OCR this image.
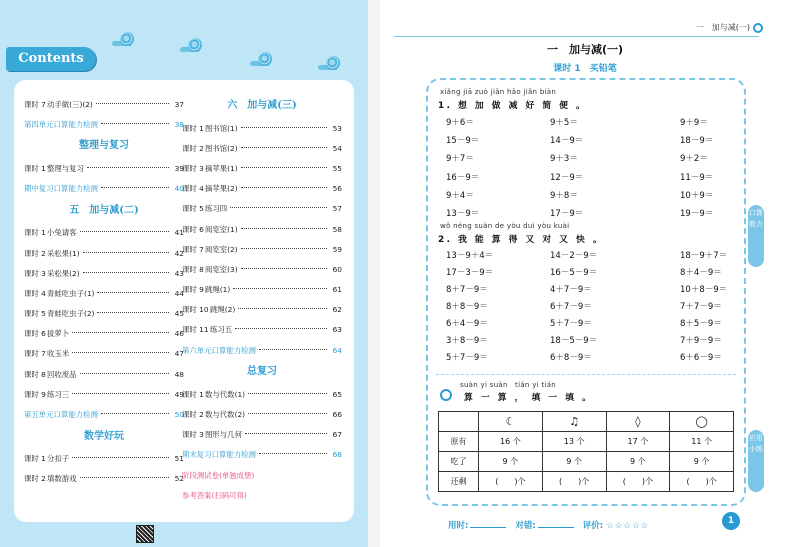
Contents
课时 7 动手做(三)(2)	37
第四单元口算能力检测	38
整理与复习
课时 1 整理与复习	39
期中复习口算能力检测	40
五　加与减(二)
课时 1 小兔请客	41
课时 2 采松果(1)	42
课时 3 采松果(2)	43
课时 4 青蛙吃虫子(1)	44
课时 5 青蛙吃虫子(2)	45
课时 6 拔萝卜	46
课时 7 收玉米	47
课时 8 回收废品	48
课时 9 练习三	49
第五单元口算能力检测	50
数学好玩
课时 1 分扣子	51
课时 2 填数游戏	52
六　加与减(三)
课时 1 图书馆(1)	53
课时 2 图书馆(2)	54
课时 3 摘苹果(1)	55
课时 4 摘苹果(2)	56
课时 5 练习四	57
课时 6 阅览室(1)	58
课时 7 阅览室(2)	59
课时 8 阅览室(3)	60
课时 9 跳绳(1)	61
课时 10 跳绳(2)	62
课时 11 练习五	63
第六单元口算能力检测	64
总复习
课时 1 数与代数(1)	65
课时 2 数与代数(2)	66
课时 3 图形与几何	67
期末复习口算能力检测	68
阶段测试卷(单独成册)
参考答案(扫码可得)
一　加与减(一)
一　加与减(一)
课时 1　买铅笔
口算能力
应用小练
xiǎng jiā zuò jiǎn hǎo jiǎn biàn
1. 想 加 做 减 好 简 便 。
9＋6＝	9＋5＝	9＋9＝
15－9＝	14－9＝	18－9＝
9＋7＝	9＋3＝	9＋2＝
16－9＝	12－9＝	11－9＝
9＋4＝	9＋8＝	10＋9＝
13－9＝	17－9＝	19－9＝
wǒ néng suàn de yòu duì yòu kuài
2. 我 能 算 得 又 对 又 快 。
13－9＋4＝	14－2－9＝	18－9＋7＝
17－3－9＝	16－5－9＝	8＋4－9＝
8＋7－9＝	4＋7－9＝	10＋8－9＝
8＋8－9＝	6＋7－9＝	7＋7－9＝
6＋4－9＝	5＋7－9＝	8＋5－9＝
3＋8－9＝	18－5－9＝	7＋9－9＝
5＋7－9＝	6＋8－9＝	6＋6－9＝
suàn yi suàn　tián yi tián
算 一 算 ， 填 一 填 。
	☾	♫	◊	◯
原有	16 个	13 个	17 个	11 个
吃了	9 个	9 个	9 个	9 个
还剩	(　　)个	(　　)个	(　　)个	(　　)个
用时:	对错:	评价: ☆☆☆☆☆	1
